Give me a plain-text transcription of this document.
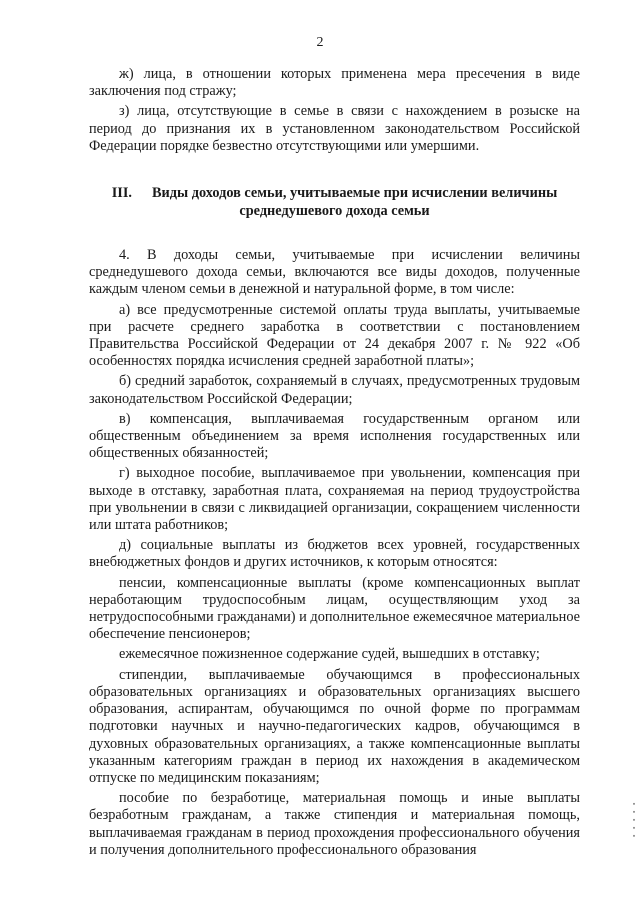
2

ж) лица, в отношении которых применена мера пресечения в виде заключения под стражу;

з) лица, отсутствующие в семье в связи с нахождением в розыске на период до признания их в установленном законодательством Российской Федерации порядке безвестно отсутствующими или умершими.

III. Виды доходов семьи, учитываемые при исчислении величины среднедушевого дохода семьи

4. В доходы семьи, учитываемые при исчислении величины среднедушевого дохода семьи, включаются все виды доходов, полученные каждым членом семьи в денежной и натуральной форме, в том числе:

а) все предусмотренные системой оплаты труда выплаты, учитываемые при расчете среднего заработка в соответствии с постановлением Правительства Российской Федерации от 24 декабря 2007 г. № 922 «Об особенностях порядка исчисления средней заработной платы»;

б) средний заработок, сохраняемый в случаях, предусмотренных трудовым законодательством Российской Федерации;

в) компенсация, выплачиваемая государственным органом или общественным объединением за время исполнения государственных или общественных обязанностей;

г) выходное пособие, выплачиваемое при увольнении, компенсация при выходе в отставку, заработная плата, сохраняемая на период трудоустройства при увольнении в связи с ликвидацией организации, сокращением численности или штата работников;

д) социальные выплаты из бюджетов всех уровней, государственных внебюджетных фондов и других источников, к которым относятся:

пенсии, компенсационные выплаты (кроме компенсационных выплат неработающим трудоспособным лицам, осуществляющим уход за нетрудоспособными гражданами) и дополнительное ежемесячное материальное обеспечение пенсионеров;

ежемесячное пожизненное содержание судей, вышедших в отставку;

стипендии, выплачиваемые обучающимся в профессиональных образовательных организациях и образовательных организациях высшего образования, аспирантам, обучающимся по очной форме по программам подготовки научных и научно-педагогических кадров, обучающимся в духовных образовательных организациях, а также компенсационные выплаты указанным категориям граждан в период их нахождения в академическом отпуске по медицинским показаниям;

пособие по безработице, материальная помощь и иные выплаты безработным гражданам, а также стипендия и материальная помощь, выплачиваемая гражданам в период прохождения профессионального обучения и получения дополнительного профессионального образования

▪▪▪▪▪
